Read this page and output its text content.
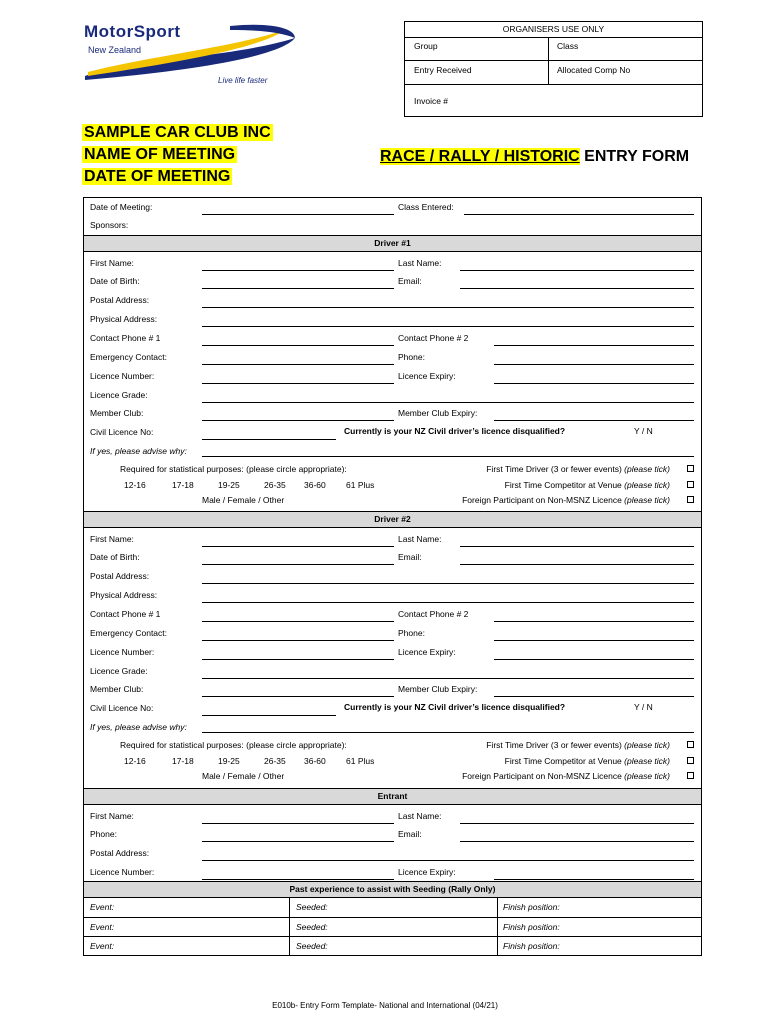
MotorSport
New Zealand
Live life faster
ORGANISERS USE ONLY
Group	Class
Entry Received	Allocated Comp No
Invoice #
SAMPLE CAR CLUB INC
NAME OF MEETING
DATE OF MEETING
RACE / RALLY / HISTORIC ENTRY FORM
Date of Meeting:	Class Entered:
Sponsors:
Driver #1
First Name:	Last Name:
Date of Birth:	Email:
Postal Address:
Physical Address:
Contact Phone # 1	Contact Phone # 2
Emergency Contact:	Phone:
Licence Number:	Licence Expiry:
Licence Grade:
Member Club:	Member Club Expiry:
Civil Licence No:	Currently is your NZ Civil driver’s licence disqualified?	Y / N
If yes, please advise why:
Required for statistical purposes: (please circle appropriate):
12-16	17-18	19-25	26-35 36-60 61 Plus
Male / Female / Other
First Time Driver (3 or fewer events) (please tick)
First Time Competitor at Venue (please tick)
Foreign Participant on Non-MSNZ Licence (please tick)
Driver #2
First Name:	Last Name:
Date of Birth:	Email:
Postal Address:
Physical Address:
Contact Phone # 1	Contact Phone # 2
Emergency Contact:	Phone:
Licence Number:	Licence Expiry:
Licence Grade:
Member Club:	Member Club Expiry:
Civil Licence No:	Currently is your NZ Civil driver’s licence disqualified?	Y / N
If yes, please advise why:
Required for statistical purposes: (please circle appropriate):
12-16	17-18	19-25	26-35 36-60 61 Plus
Male / Female / Other
First Time Driver (3 or fewer events) (please tick)
First Time Competitor at Venue (please tick)
Foreign Participant on Non-MSNZ Licence (please tick)
Entrant
First Name:	Last Name:
Phone:	Email:
Postal Address:
Licence Number:	Licence Expiry:
Past experience to assist with Seeding (Rally Only)
Event:	Seeded:	Finish position:
Event:	Seeded:	Finish position:
Event:	Seeded:	Finish position:
E010b- Entry Form Template- National and International (04/21)
